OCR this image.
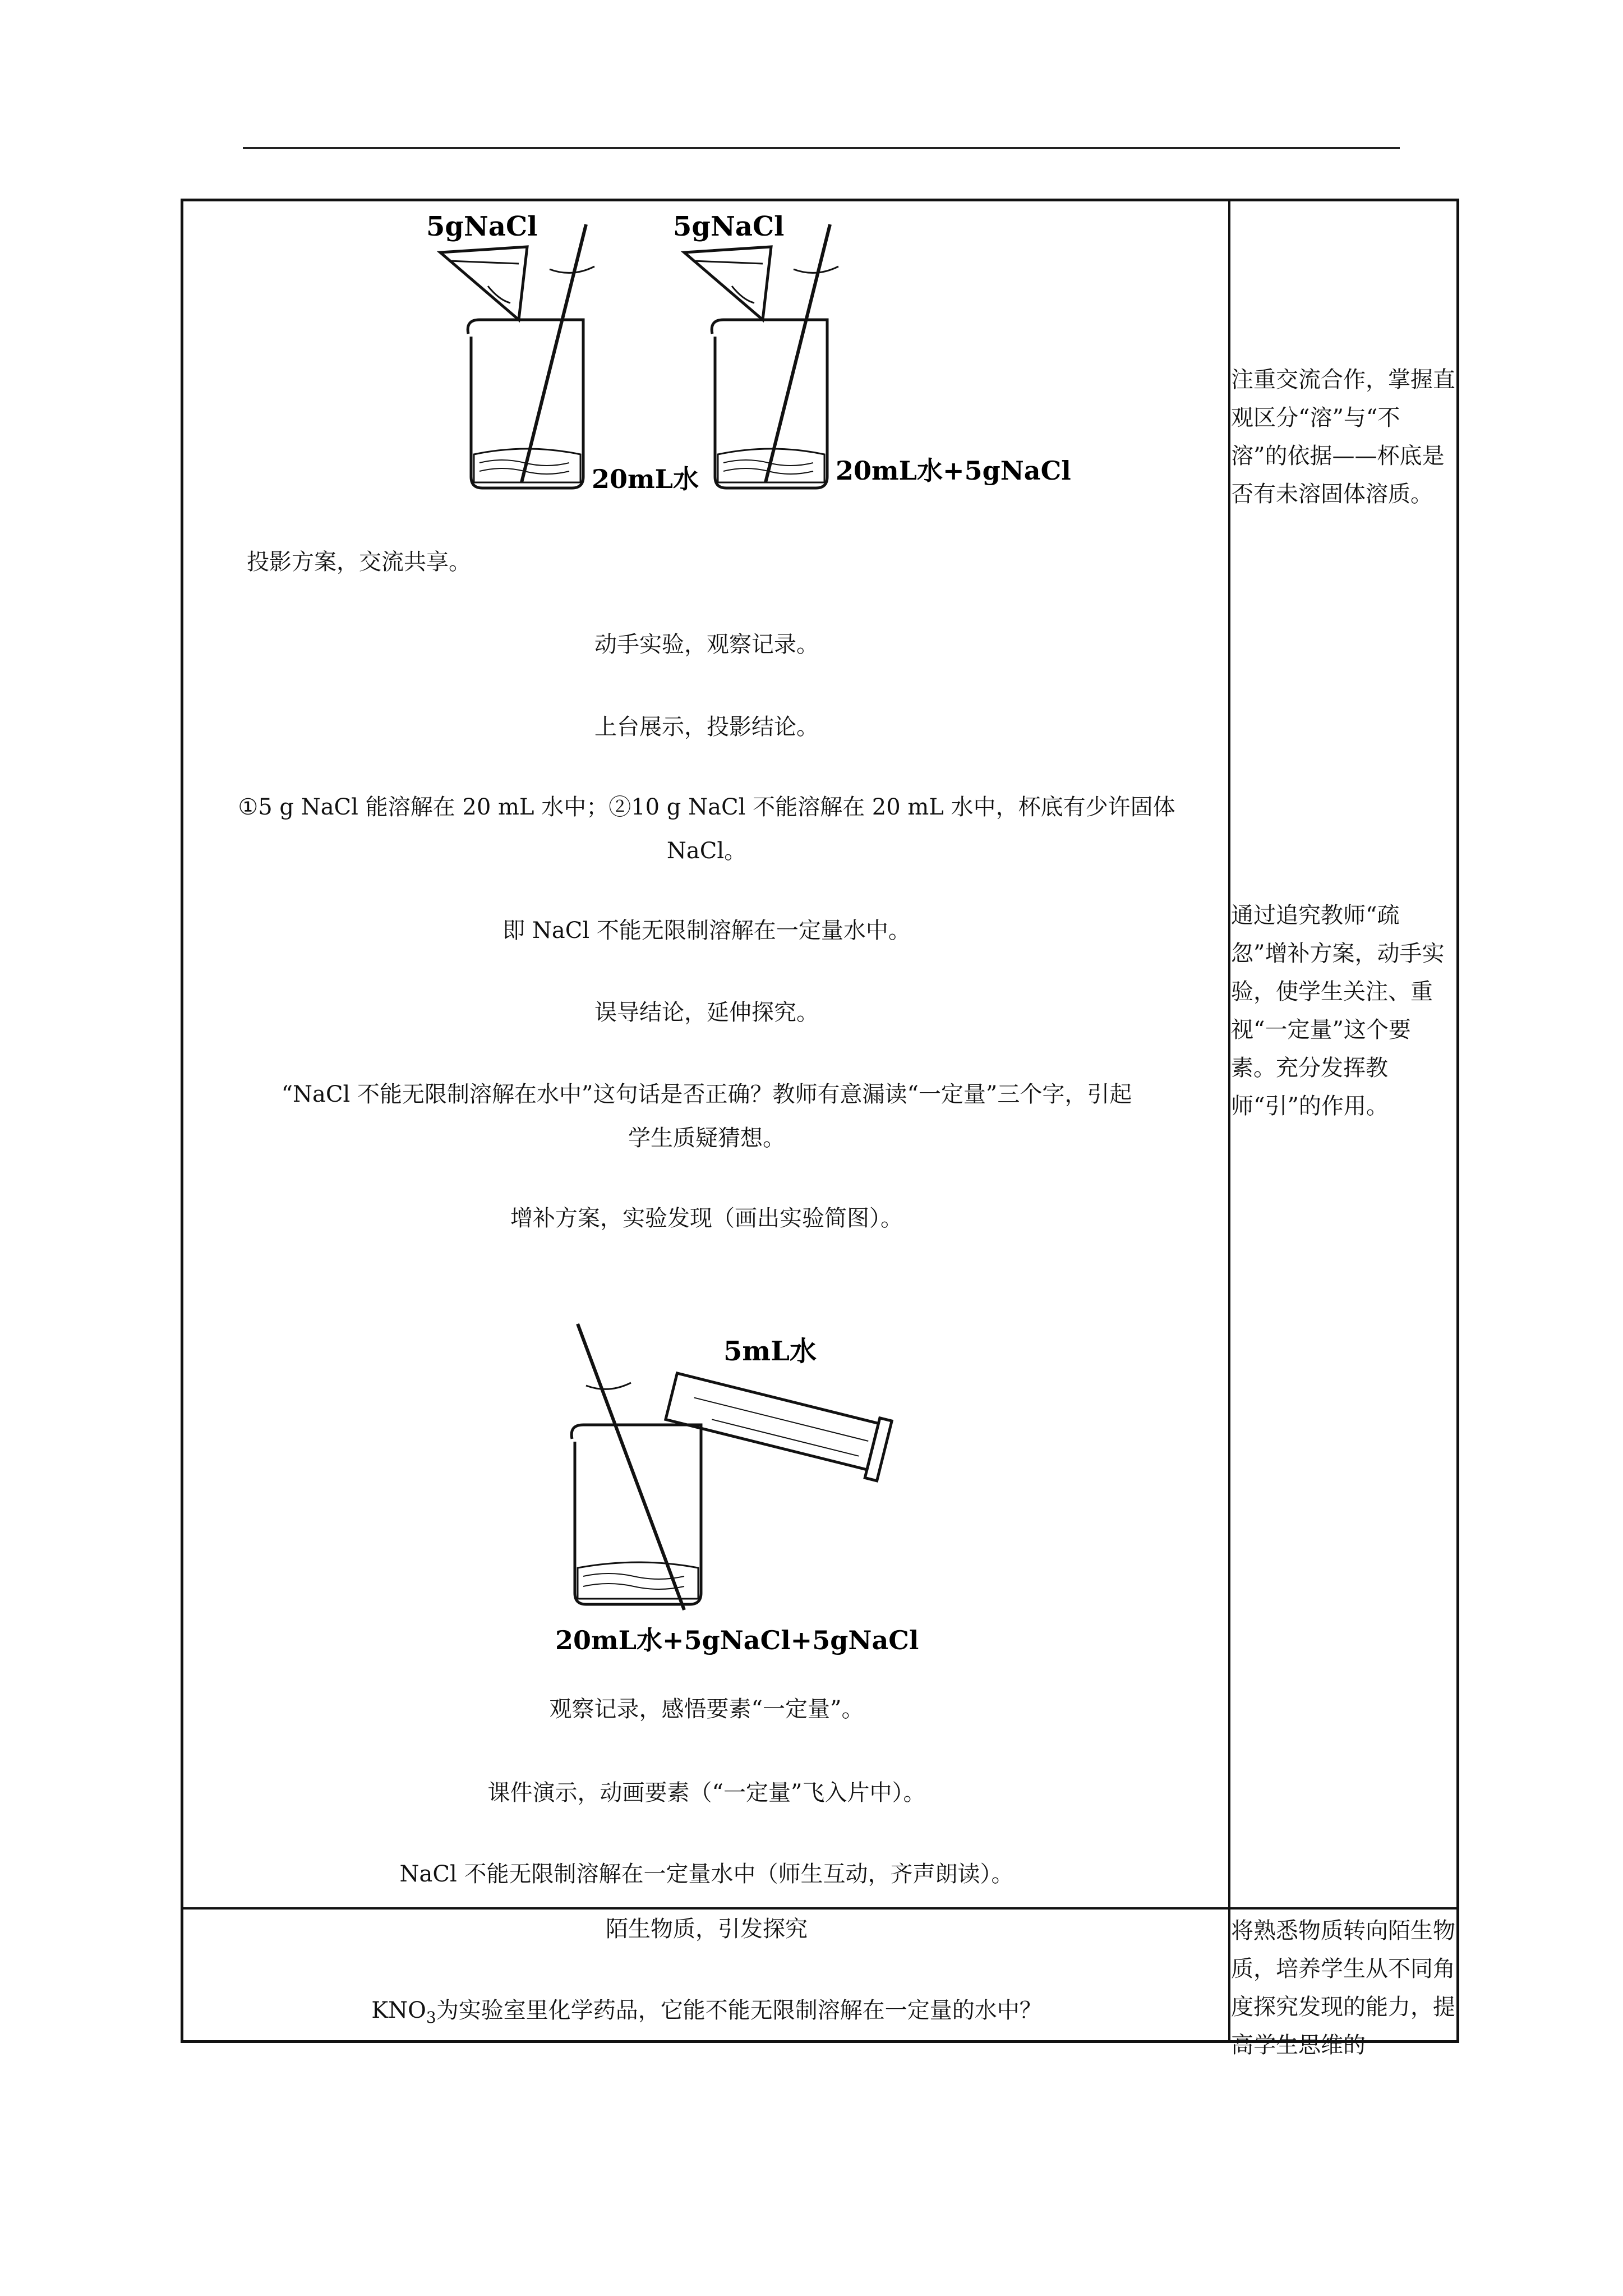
5gNaCl
20mL水
5gNaCl
20mL水+5gNaCl
投影方案，交流共享。
动手实验，观察记录。
上台展示，投影结论。
①5 g NaCl 能溶解在 20 mL 水中；②10 g NaCl 不能溶解在 20 mL 水中，杯底有少许固体
NaCl。
即 NaCl 不能无限制溶解在一定量水中。
误导结论，延伸探究。
“NaCl 不能无限制溶解在水中”这句话是否正确？教师有意漏读“一定量”三个字，引起
学生质疑猜想。
增补方案，实验发现（画出实验简图）。
5mL水
20mL水+5gNaCl+5gNaCl
观察记录，感悟要素“一定量”。
课件演示，动画要素（“一定量”飞入片中）。
NaCl 不能无限制溶解在一定量水中（师生互动，齐声朗读）。
注重交流合作，掌握直观区分“溶”与“不溶”的依据——杯底是否有未溶固体溶质。
通过追究教师“疏忽”增补方案，动手实验，使学生关注、重视“一定量”这个要素。充分发挥教师“引”的作用。
将熟悉物质转向陌生物质，培养学生从不同角度探究发现的能力，提高学生思维的
陌生物质，引发探究
$KNO_3$为实验室里化学药品，它能不能无限制溶解在一定量的水中？
